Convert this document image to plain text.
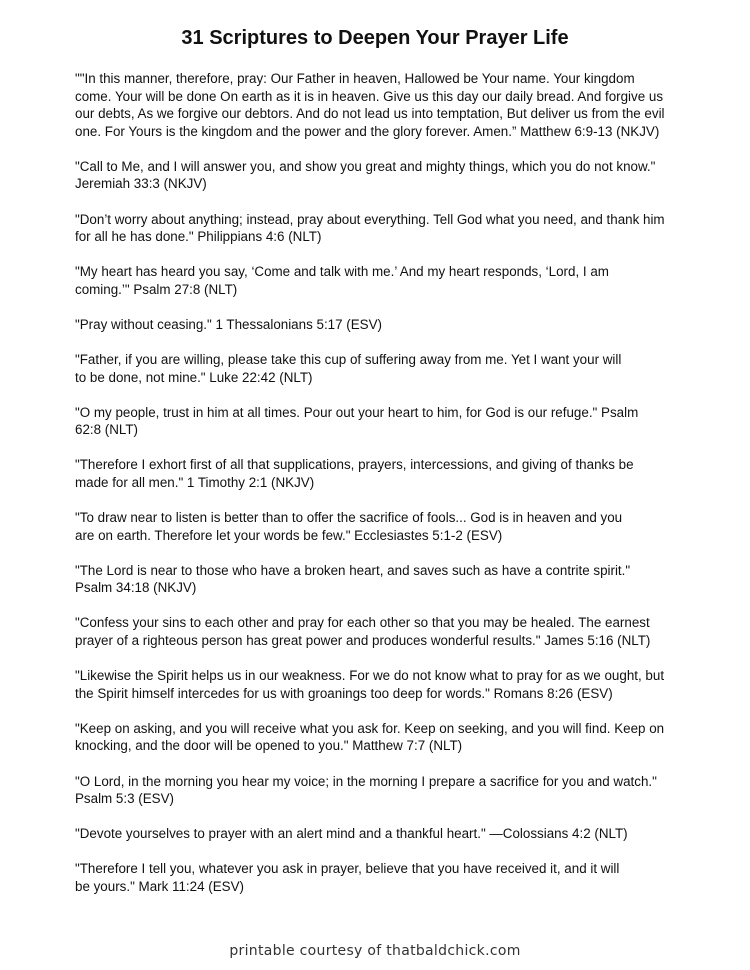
31 Scriptures to Deepen Your Prayer Life
""In this manner, therefore, pray: Our Father in heaven, Hallowed be Your name. Your kingdom come. Your will be done On earth as it is in heaven. Give us this day our daily bread. And forgive us our debts, As we forgive our debtors. And do not lead us into temptation, But deliver us from the evil one. For Yours is the kingdom and the power and the glory forever. Amen.” Matthew 6:9-13 (NKJV)
"Call to Me, and I will answer you, and show you great and mighty things, which you do not know." Jeremiah 33:3 (NKJV)
"Don’t worry about anything; instead, pray about everything. Tell God what you need, and thank him for all he has done." Philippians 4:6 (NLT)
"My heart has heard you say, ‘Come and talk with me.’ And my heart responds, ‘Lord, I am coming.’" Psalm 27:8 (NLT)
"Pray without ceasing." 1 Thessalonians 5:17 (ESV)
"Father, if you are willing, please take this cup of suffering away from me. Yet I want your will to be done, not mine." Luke 22:42 (NLT)
"O my people, trust in him at all times. Pour out your heart to him, for God is our refuge." Psalm 62:8 (NLT)
"Therefore I exhort first of all that supplications, prayers, intercessions, and giving of thanks be made for all men." 1 Timothy 2:1 (NKJV)
"To draw near to listen is better than to offer the sacrifice of fools... God is in heaven and you are on earth. Therefore let your words be few." Ecclesiastes 5:1-2 (ESV)
"The Lord is near to those who have a broken heart, and saves such as have a contrite spirit." Psalm 34:18 (NKJV)
"Confess your sins to each other and pray for each other so that you may be healed. The earnest prayer of a righteous person has great power and produces wonderful results." James 5:16 (NLT)
"Likewise the Spirit helps us in our weakness. For we do not know what to pray for as we ought, but the Spirit himself intercedes for us with groanings too deep for words." Romans 8:26 (ESV)
"Keep on asking, and you will receive what you ask for. Keep on seeking, and you will find. Keep on knocking, and the door will be opened to you." Matthew 7:7 (NLT)
"O Lord, in the morning you hear my voice; in the morning I prepare a sacrifice for you and watch." Psalm 5:3 (ESV)
"Devote yourselves to prayer with an alert mind and a thankful heart." —Colossians 4:2 (NLT)
"Therefore I tell you, whatever you ask in prayer, believe that you have received it, and it will be yours." Mark 11:24 (ESV)
printable courtesy of thatbaldchick.com
